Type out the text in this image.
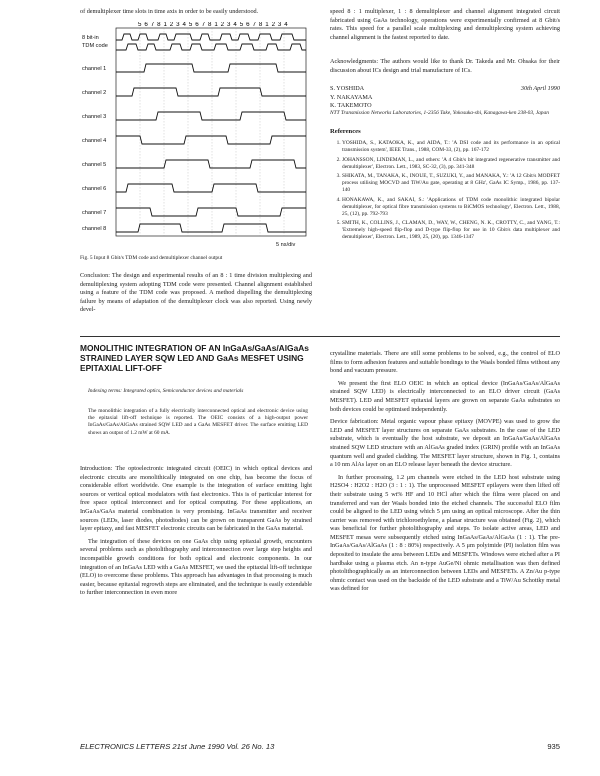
of demultiplexer time slots in time axis in order to be easily understood.

5 6 7 8 1 2 3 4 5 6 7 8 1 2 3 4 5 6 7 8 1 2 3 4
8 bit-in
TDM code
channel 1
channel 2
channel 3
channel 4
channel 5
channel 6
channel 7
channel 8
5 ns/div

Fig. 5 Input 8 Gbit/s TDM code and demultiplexer channel output

Conclusion: The design and experimental results of an 8 : 1 time division multiplexing and demultiplexing system adopting TDM code were presented. Channel alignment established using a feature of the TDM code was proposed. A method dispelling the demultiplexing failure by means of adaptation of the demultiplexer clock was also reported. Using newly devel-

speed 8 : 1 multiplexer, 1 : 8 demultiplexer and channel alignment integrated circuit fabricated using GaAs technology, operations were experimentally confirmed at 8 Gbit/s rates. This speed for a parallel scale multiplexing and demultiplexing system achieving channel alignment is the fastest reported to date.

Acknowledgments: The authors would like to thank Dr. Takeda and Mr. Ohsaka for their discussion about ICs design and trial manufacture of ICs.

S. YOSHIDA
Y. NAKAYAMA
K. TAKEMOTO
30th April 1990

NTT Transmission Networks Laboratories, 1-2356 Take, Yokosuka-shi, Kanagawa-ken 238-03, Japan

References
1. YOSHIDA, S., KATAOKA, K., and AIDA, T.: 'A DSI code and its performance in an optical transmission system', IEEE Trans., 1988, COM-33, (2), pp. 167-172
2. JOHANSSON, LINDEMAN, L., and others: 'A 4 Gbit/s bit integrated regenerative transmitter and demultiplexer', Electron. Lett., 1983, SC-32, (3), pp. 341-348
3. SHIKATA, M., TANAKA, K., INOUE, T., SUZUKI, Y., and MANAKA, Y.: 'A 12 Gbit/s MODFET process utilising MOCVD and TiW/Au gate, operating at 8 GHz', GaAs IC Symp., 1986, pp. 137-140
4. HONAKAWA, K., and SAKAI, S.: 'Applications of TDM code monolithic integrated bipolar demultiplexer, for optical fibre transmission systems to BiCMOS technology', Electron. Lett., 1988, 25, (12), pp. 792-793
5. SMITH, K., COLLINS, J., CLAMAN, D., WAY, W., CHENG, N. K., CROTTY, C., and YANG, T.: 'Extremely high-speed flip-flop and D-type flip-flop for use in 10 Gbit/s data multiplexer and demultiplexer', Electron. Lett., 1989, 25, (20), pp. 1346-1347
MONOLITHIC INTEGRATION OF AN InGaAs/GaAs/AlGaAs STRAINED LAYER SQW LED AND GaAs MESFET USING EPITAXIAL LIFT-OFF

Indexing terms: Integrated optics, Semiconductor devices and materials

The monolithic integration of a fully electrically interconnected optical and electronic device using the epitaxial lift-off technique is reported. The OEIC consists of a high-output power InGaAs/GaAs/AlGaAs strained SQW LED and a GaAs MESFET driver. The surface emitting LED shows an output of 1.2 mW at 60 mA.

Introduction: The optoelectronic integrated circuit (OEIC) in which optical devices and electronic circuits are monolithically integrated on one chip, has become the focus of considerable effort worldwide. One example is the integration of surface emitting light sources or vertical optical modulators with fast electronics. This is of particular interest for free space optical interconnect and for optical computing. For these applications, an InGaAs/GaAs material combination is very promising. InGaAs transmitter and receiver sources (LEDs, laser diodes, photodiodes) can be grown on transparent GaAs by strained layer epitaxy, and fast MESFET electronic circuits can be fabricated in the GaAs material.

The integration of these devices on one GaAs chip using epitaxial growth, encounters several problems such as photolithography and interconnection over large step heights and incompatible growth conditions for both optical and electronic components. In our integration of an InGaAs LED with a GaAs MESFET, we used the epitaxial lift-off technique (ELO) to overcome these problems. This approach has advantages in that processing is much easier, because epitaxial regrowth steps are eliminated, and the technique is easily extendable to further interconnection in even more

crystalline materials. There are still some problems to be solved, e.g., the control of ELO films to form adhesion features and suitable bondings to the Waals bonded films without any bond and vacuum pressure.

We present the first ELO OEIC in which an optical device (InGaAs/GaAs/AlGaAs strained SQW LED) is electrically interconnected to an ELO driver circuit (GaAs MESFET). LED and MESFET epitaxial layers are grown on separate GaAs substrates so both devices could be optimised independently.

Device fabrication: Metal organic vapour phase epitaxy (MOVPE) was used to grow the LED and MESFET layer structures on separate GaAs substrates. In the case of the LED substrate, which is eventually the host substrate, we deposit an InGaAs/GaAs/AlGaAs strained SQW LED structure with an AlGaAs graded index (GRIN) profile with an InGaAs quantum well and graded cladding. The MESFET layer structure, shown in Fig. 1, contains a 10 nm AlAs layer on an ELO release layer beneath the device structure.

In further processing, 1.2 μm channels were etched in the LED host substrate using H2SO4 : H2O2 : H2O (3 : 1 : 1). The unprocessed MESFET epilayers were then lifted off their substrate using 5 wt% HF and 10 HCl after which the films were placed on and transferred and van der Waals bonded into the etched channels. The successful ELO film could be aligned to the LED using which 5 μm using an optical microscope. After the thin carrier was removed with trichloroethylene, a planar structure was obtained (Fig. 2), which was beneficial for further photolithography and steps. To isolate active areas, LED and MESFET mesas were subsequently etched using InGaAs/GaAs/AlGaAs (1 : 1). The pre-InGaAs/GaAs/AlGaAs (1 : 8 : 80%) respectively. A 5 μm polyimide (PI) isolation film was deposited to insulate the area between LEDs and MESFETs. Windows were etched after a PI hardbake using a plasma etch. An n-type AuGe/Ni ohmic metallisation was then defined photolithographically as an interconnection between LEDs and MESFETs. A Zn/Au p-type ohmic contact was used on the backside of the LED substrate and a TiW/Au Schottky metal was defined for

ELECTRONICS LETTERS 21st June 1990 Vol. 26 No. 13	935
